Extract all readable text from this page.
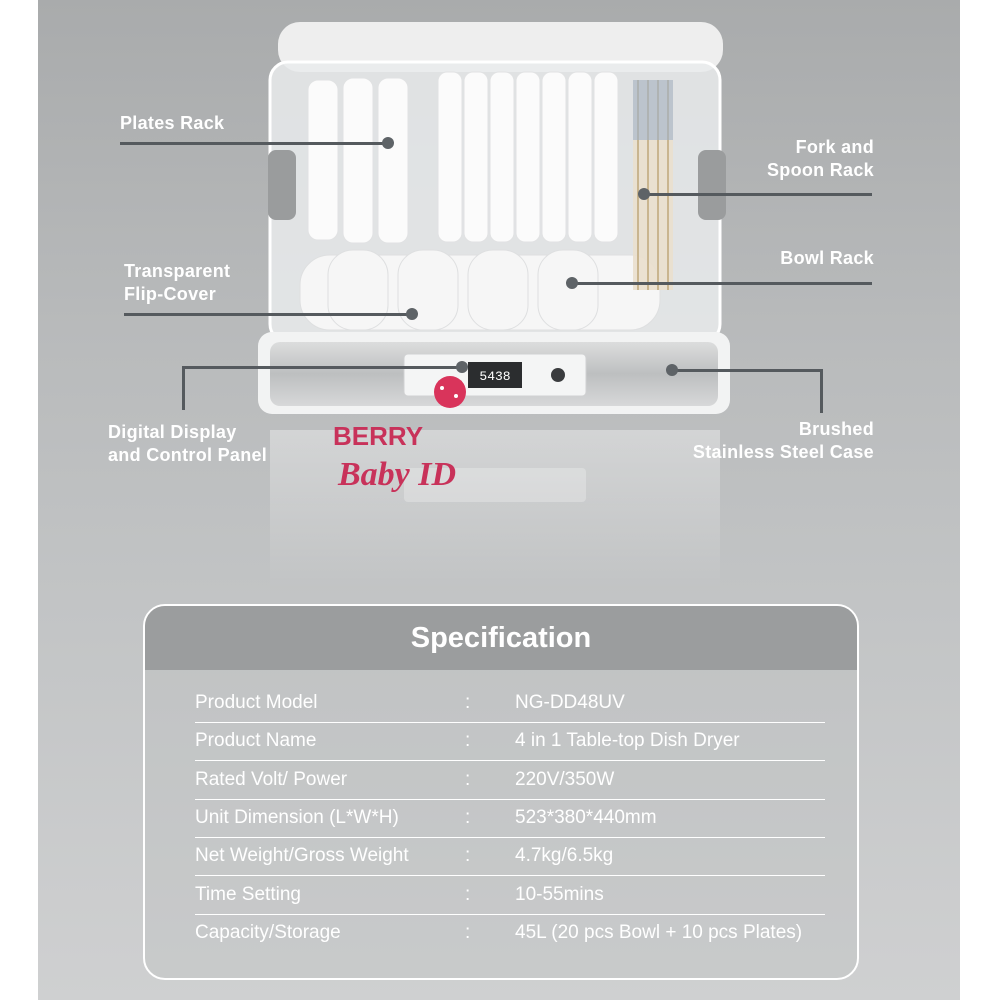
5438
BERRY
Baby ID
Plates Rack
Transparent
Flip-Cover
Digital Display
and Control Panel
Fork and
Spoon Rack
Bowl Rack
Brushed
Stainless Steel Case
Specification
Product Model	: NG-DD48UV
Product Name	: 4 in 1 Table-top Dish Dryer
Rated Volt/ Power	: 220V/350W
Unit Dimension (L*W*H)	: 523*380*440mm
Net Weight/Gross Weight	: 4.7kg/6.5kg
Time Setting	: 10-55mins
Capacity/Storage	: 45L (20 pcs Bowl + 10 pcs Plates)
